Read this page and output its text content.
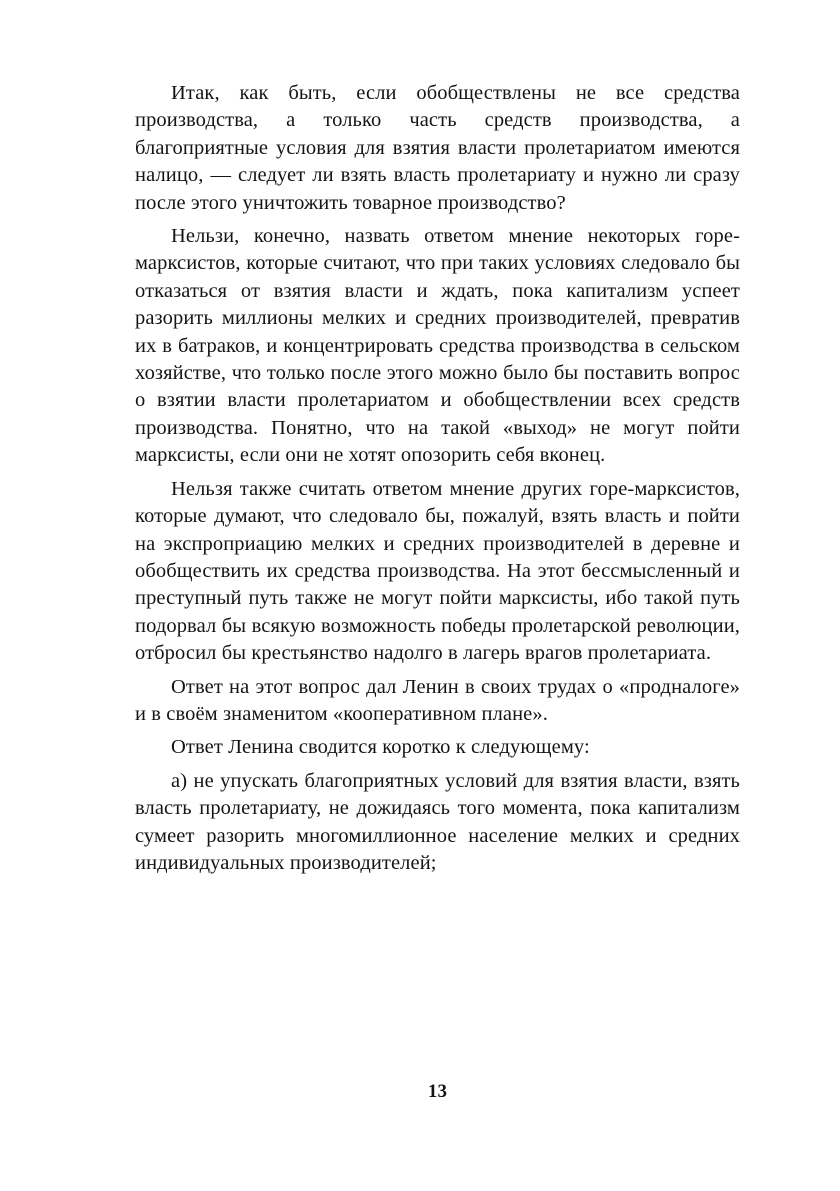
Итак, как быть, если обобществлены не все средства производства, а только часть средств производства, а благоприятные условия для взятия власти пролетариатом имеются налицо, — следует ли взять власть пролетариату и нужно ли сразу после этого уничтожить товарное производство?

Нельзи, конечно, назвать ответом мнение некоторых горе-марксистов, которые считают, что при таких условиях следовало бы отказаться от взятия власти и ждать, пока капитализм успеет разорить миллионы мелких и средних производителей, превратив их в батраков, и концентрировать средства производства в сельском хозяйстве, что только после этого можно было бы поставить вопрос о взятии власти пролетариатом и обобществлении всех средств производства. Понятно, что на такой «выход» не могут пойти марксисты, если они не хотят опозорить себя вконец.

Нельзя также считать ответом мнение других горе-марксистов, которые думают, что следовало бы, пожалуй, взять власть и пойти на экспроприацию мелких и средних производителей в деревне и обобществить их средства производства. На этот бессмысленный и преступный путь также не могут пойти марксисты, ибо такой путь подорвал бы всякую возможность победы пролетарской революции, отбросил бы крестьянство надолго в лагерь врагов пролетариата.

Ответ на этот вопрос дал Ленин в своих трудах о «продналоге» и в своём знаменитом «кооперативном плане».

Ответ Ленина сводится коротко к следующему:

а) не упускать благоприятных условий для взятия власти, взять власть пролетариату, не дожидаясь того момента, пока капитализм сумеет разорить многомиллионное население мелких и средних индивидуальных производителей;

13
